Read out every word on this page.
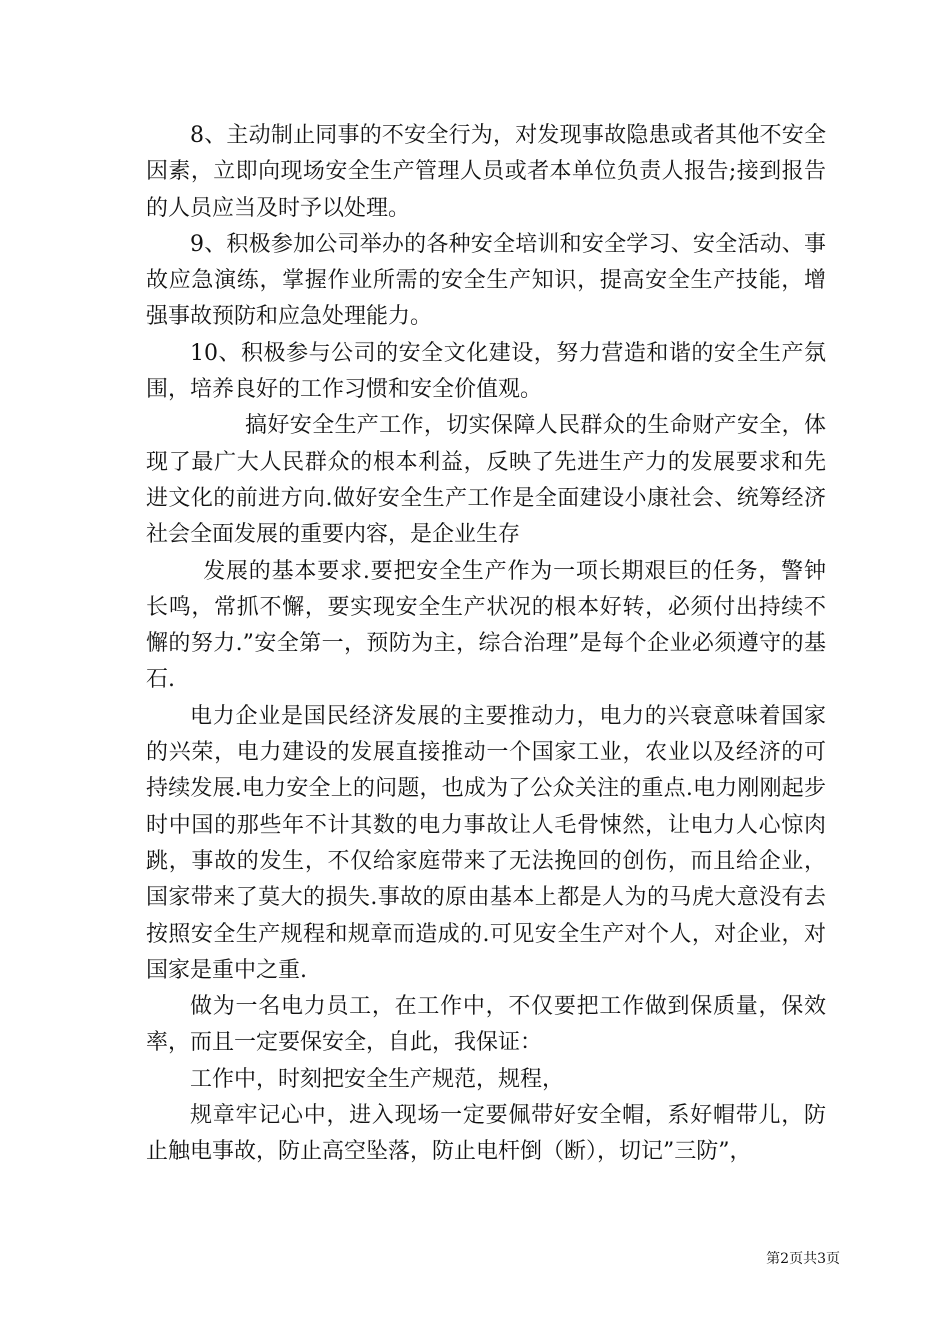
8、主动制止同事的不安全行为，对发现事故隐患或者其他不安全因素，立即向现场安全生产管理人员或者本单位负责人报告;接到报告的人员应当及时予以处理。

9、积极参加公司举办的各种安全培训和安全学习、安全活动、事故应急演练，掌握作业所需的安全生产知识，提高安全生产技能，增强事故预防和应急处理能力。

10、积极参与公司的安全文化建设，努力营造和谐的安全生产氛围，培养良好的工作习惯和安全价值观。

搞好安全生产工作，切实保障人民群众的生命财产安全，体现了最广大人民群众的根本利益，反映了先进生产力的发展要求和先进文化的前进方向.做好安全生产工作是全面建设小康社会、统筹经济社会全面发展的重要内容，是企业生存

发展的基本要求.要把安全生产作为一项长期艰巨的任务，警钟长鸣，常抓不懈，要实现安全生产状况的根本好转，必须付出持续不懈的努力.”安全第一，预防为主，综合治理”是每个企业必须遵守的基石.

电力企业是国民经济发展的主要推动力，电力的兴衰意味着国家的兴荣，电力建设的发展直接推动一个国家工业，农业以及经济的可持续发展.电力安全上的问题，也成为了公众关注的重点.电力刚刚起步时中国的那些年不计其数的电力事故让人毛骨悚然，让电力人心惊肉跳，事故的发生，不仅给家庭带来了无法挽回的创伤，而且给企业，国家带来了莫大的损失.事故的原由基本上都是人为的马虎大意没有去按照安全生产规程和规章而造成的.可见安全生产对个人，对企业，对国家是重中之重.

做为一名电力员工，在工作中，不仅要把工作做到保质量，保效率，而且一定要保安全，自此，我保证：

工作中，时刻把安全生产规范，规程，

规章牢记心中，进入现场一定要佩带好安全帽，系好帽带儿，防止触电事故，防止高空坠落，防止电杆倒（断），切记”三防”，

第2页共3页
